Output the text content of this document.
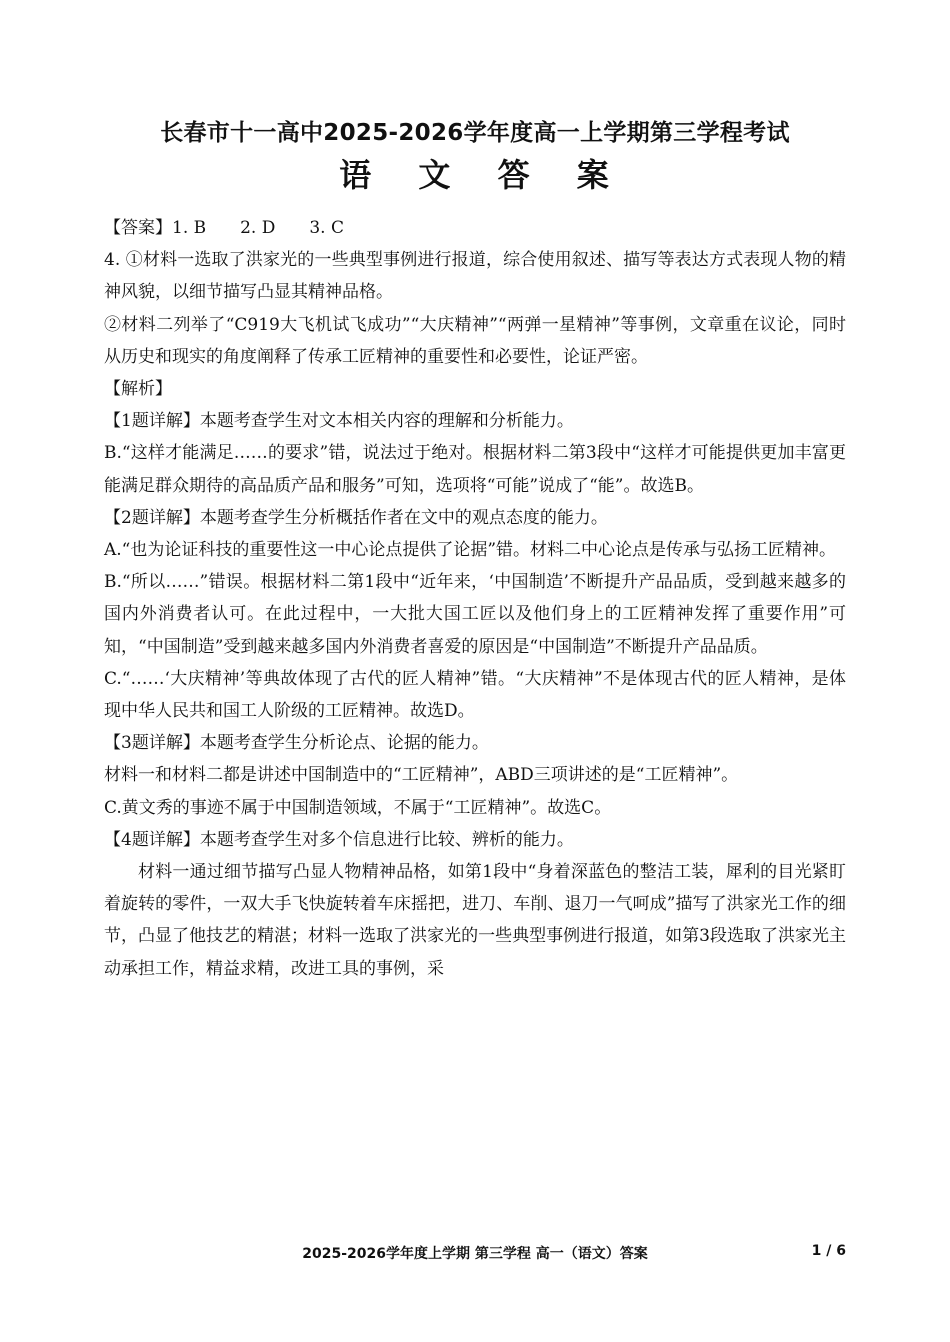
长春市十一高中2025-2026学年度高一上学期第三学程考试
语 文 答 案

【答案】1. B　　2. D　　3. C

4. ①材料一选取了洪家光的一些典型事例进行报道，综合使用叙述、描写等表达方式表现人物的精神风貌，以细节描写凸显其精神品格。

②材料二列举了“C919大飞机试飞成功”“大庆精神”“两弹一星精神”等事例，文章重在议论，同时从历史和现实的角度阐释了传承工匠精神的重要性和必要性，论证严密。

【解析】

【1题详解】本题考查学生对文本相关内容的理解和分析能力。

B.“这样才能满足……的要求”错，说法过于绝对。根据材料二第3段中“这样才可能提供更加丰富更能满足群众期待的高品质产品和服务”可知，选项将“可能”说成了“能”。故选B。

【2题详解】本题考查学生分析概括作者在文中的观点态度的能力。

A.“也为论证科技的重要性这一中心论点提供了论据”错。材料二中心论点是传承与弘扬工匠精神。

B.“所以……”错误。根据材料二第1段中“近年来，‘中国制造’不断提升产品品质，受到越来越多的国内外消费者认可。在此过程中，一大批大国工匠以及他们身上的工匠精神发挥了重要作用”可知，“中国制造”受到越来越多国内外消费者喜爱的原因是“中国制造”不断提升产品品质。

C.“……‘大庆精神’等典故体现了古代的匠人精神”错。“大庆精神”不是体现古代的匠人精神，是体现中华人民共和国工人阶级的工匠精神。故选D。

【3题详解】本题考查学生分析论点、论据的能力。

材料一和材料二都是讲述中国制造中的“工匠精神”，ABD三项讲述的是“工匠精神”。

C.黄文秀的事迹不属于中国制造领域，不属于“工匠精神”。故选C。

【4题详解】本题考查学生对多个信息进行比较、辨析的能力。

材料一通过细节描写凸显人物精神品格，如第1段中“身着深蓝色的整洁工装，犀利的目光紧盯着旋转的零件，一双大手飞快旋转着车床摇把，进刀、车削、退刀一气呵成”描写了洪家光工作的细节，凸显了他技艺的精湛；材料一选取了洪家光的一些典型事例进行报道，如第3段选取了洪家光主动承担工作，精益求精，改进工具的事例，采

2025-2026学年度上学期 第三学程 高一（语文）答案	1 / 6
